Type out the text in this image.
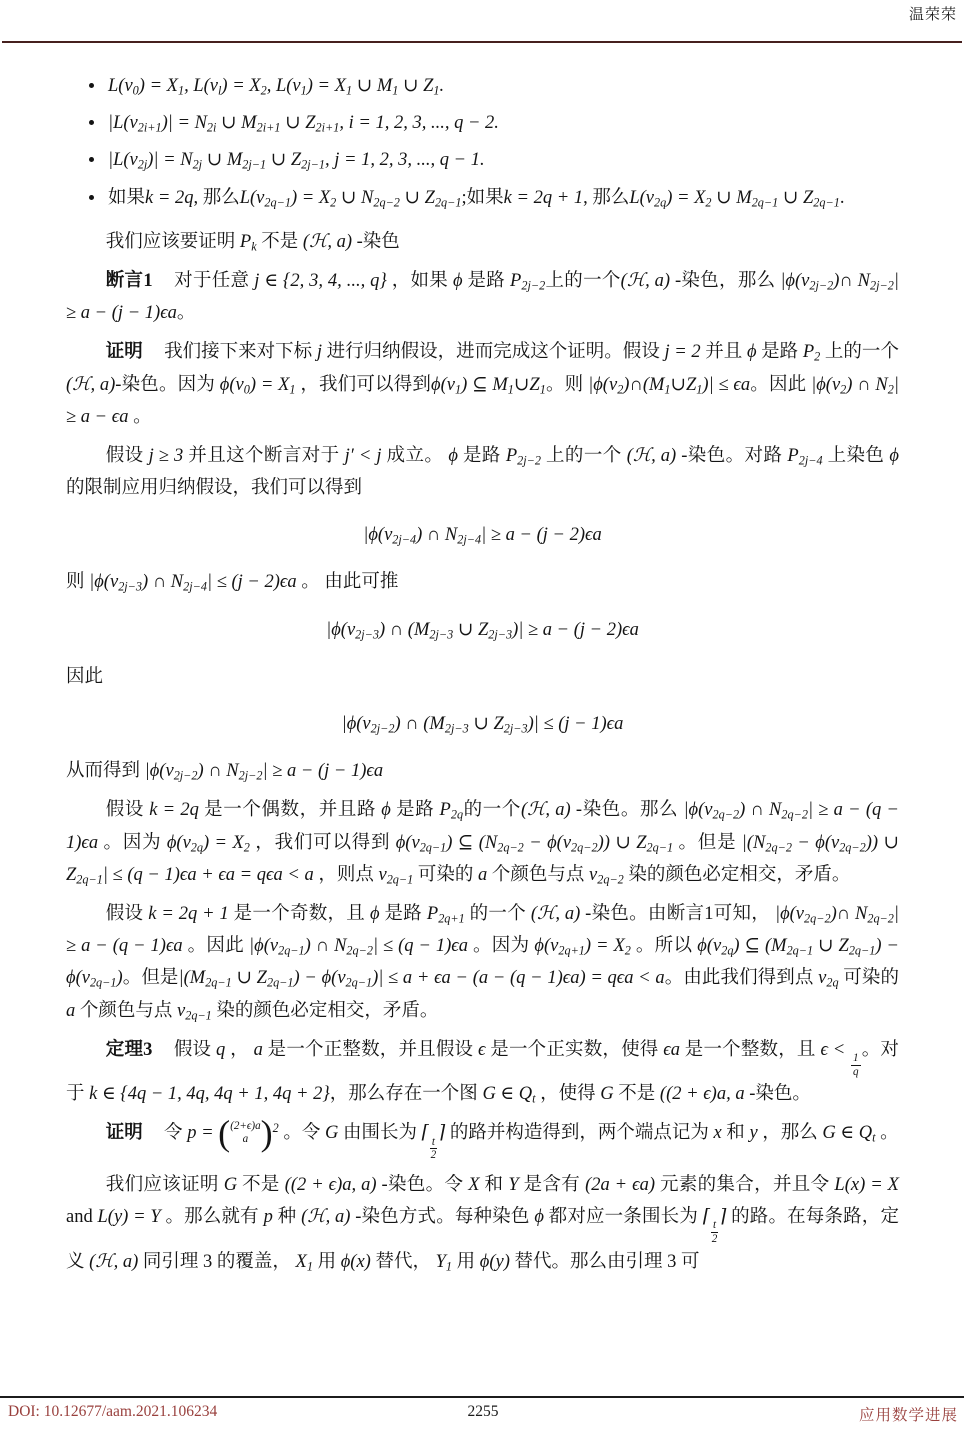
温荣荣
• $L(v_0) = X_1$, $L(v_l) = X_2$, $L(v_1) = X_1$ ∪ $M_1$ ∪ $Z_1$.
• $|L(v_{2i+1})| = N_{2i}$ ∪ $M_{2i+1}$ ∪ $Z_{2i+1}$, i = 1, 2, 3, ..., q − 2.
• $|L(v_{2j})| = N_{2j}$ ∪ $M_{2j-1}$ ∪ $Z_{2j-1}$, j = 1, 2, 3, ..., q − 1.
• 如果k = 2q, 那么$L(v_{2q-1}) = X_2$ ∪ $N_{2q-2}$ ∪ $Z_{2q-1}$;如果k = 2q + 1, 那么$L(v_{2q}) = X_2$ ∪ $M_{2q-1}$ ∪ $Z_{2q-1}$.

我们应该要证明 $P_k$ 不是 (ℋ, a) -染色

断言1 对于任意 j ∈ {2, 3, 4, ..., q} ，如果 ϕ 是路 $P_{2j-2}$上的一个(ℋ, a) -染色，那么 $|\phi(v_{2j-2})\cap$ $N_{2j-2}| \ge a - (j - 1)\epsilon a$。

证明 我们接下来对下标 j 进行归纳假设，进而完成这个证明。假设 j = 2 并且 ϕ 是路 $P_2$ 上的一个(ℋ, a)-染色。因为 $\phi(v_0) = X_1$ ，我们可以得到$\phi(v_1)$ ⊆ $M_1\cup Z_1$。则 $|\phi(v_2)\cap(M_1\cup Z_1)| \le \epsilon a$。因此 $|\phi(v_2)$ ∩ $N_2| \ge a - \epsilon a$ 。

假设 j ≥ 3 并且这个断言对于 j′ < j 成立。 ϕ 是路 $P_{2j-2}$ 上的一个 (ℋ, a) -染色。对路 $P_{2j-4}$ 上染色 ϕ 的限制应用归纳假设，我们可以得到

$|\phi(v_{2j-4})$ ∩ $N_{2j-4}| \ge a - (j - 2)\epsilon a$

则 $|\phi(v_{2j-3})$ ∩ $N_{2j-4}| \le (j - 2)\epsilon a$ 。 由此可推

$|\phi(v_{2j-3})$ ∩ ($M_{2j-3}$ ∪ $Z_{2j-3})| \ge a - (j - 2)\epsilon a$

因此

$|\phi(v_{2j-2})$ ∩ ($M_{2j-3}$ ∪ $Z_{2j-3})| \le (j - 1)\epsilon a$

从而得到 $|\phi(v_{2j-2})$ ∩ $N_{2j-2}| \ge a - (j - 1)\epsilon a$

假设 k = 2q 是一个偶数，并且路 ϕ 是路 $P_{2q}$的一个(ℋ, a) -染色。那么 $|\phi(v_{2q-2})$ ∩ $N_{2q-2}| \ge a - (q - 1)\epsilon a$ 。因为 $\phi(v_{2q}) = X_2$ ，我们可以得到 $\phi(v_{2q-1})$ ⊆ $(N_{2q-2} - \phi(v_{2q-2}))$ ∪ $Z_{2q-1}$ 。但是 $|(N_{2q-2} - \phi(v_{2q-2}))$ ∪ $Z_{2q-1}| \le (q - 1)\epsilon a + \epsilon a = q\epsilon a < a$ ，则点 $v_{2q-1}$ 可染的 a 个颜色与点 $v_{2q-2}$ 染的颜色必定相交，矛盾。

假设 k = 2q + 1 是一个奇数，且 ϕ 是路 $P_{2q+1}$ 的一个 (ℋ, a) -染色。由断言1可知， $|\phi(v_{2q-2})\cap$ $N_{2q-2}| \ge a - (q - 1)\epsilon a$ 。因此 $|\phi(v_{2q-1})$ ∩ $N_{2q-2}| \le (q - 1)\epsilon a$ 。因为 $\phi(v_{2q+1}) = X_2$ 。所以 $\phi(v_{2q})$ ⊆ ($M_{2q-1}$ ∪ $Z_{2q-1}) - \phi(v_{2q-1})$。但是$|(M_{2q-1}$ ∪ $Z_{2q-1}) - \phi(v_{2q-1})| \le a + \epsilon a - (a - (q - 1)\epsilon a) = q\epsilon a < a$。由此我们得到点 $v_{2q}$ 可染的 a 个颜色与点 $v_{2q-1}$ 染的颜色必定相交，矛盾。

定理3 假设 q ， a 是一个正整数，并且假设 ϵ 是一个正实数，使得 ϵa 是一个整数，且 ϵ <
$\frac{1}{q}$
。对于 k ∈ {4q − 1, 4q, 4q + 1, 4q + 2}，那么存在一个图 G ∈ $Q_t$ ，使得 G 不是 ((2 + ϵ)a, a -染色。

证明 令 p = ( (2+ϵ)a
a ) $^2$ 。令 G 由围长为 ⌈
$\frac{t}{2}$
⌉ 的路并构造得到，两个端点记为 x 和 y ，那么 G ∈ $Q_t$ 。

我们应该证明 G 不是 ((2 + ϵ)a, a) -染色。令 X 和 Y 是含有 (2a + ϵa) 元素的集合，并且令 L(x) = X and L(y) = Y 。那么就有 p 种 (ℋ, a) -染色方式。每种染色 ϕ 都对应一条围长为 ⌈
$\frac{t}{2}$
⌉ 的路。在每条路，定义 (ℋ, a) 同引理 3 的覆盖， $X_1$ 用 ϕ(x) 替代， $Y_1$ 用 ϕ(y) 替代。那么由引理 3 可

DOI: 10.12677/aam.2021.106234	2255	应用数学进展
